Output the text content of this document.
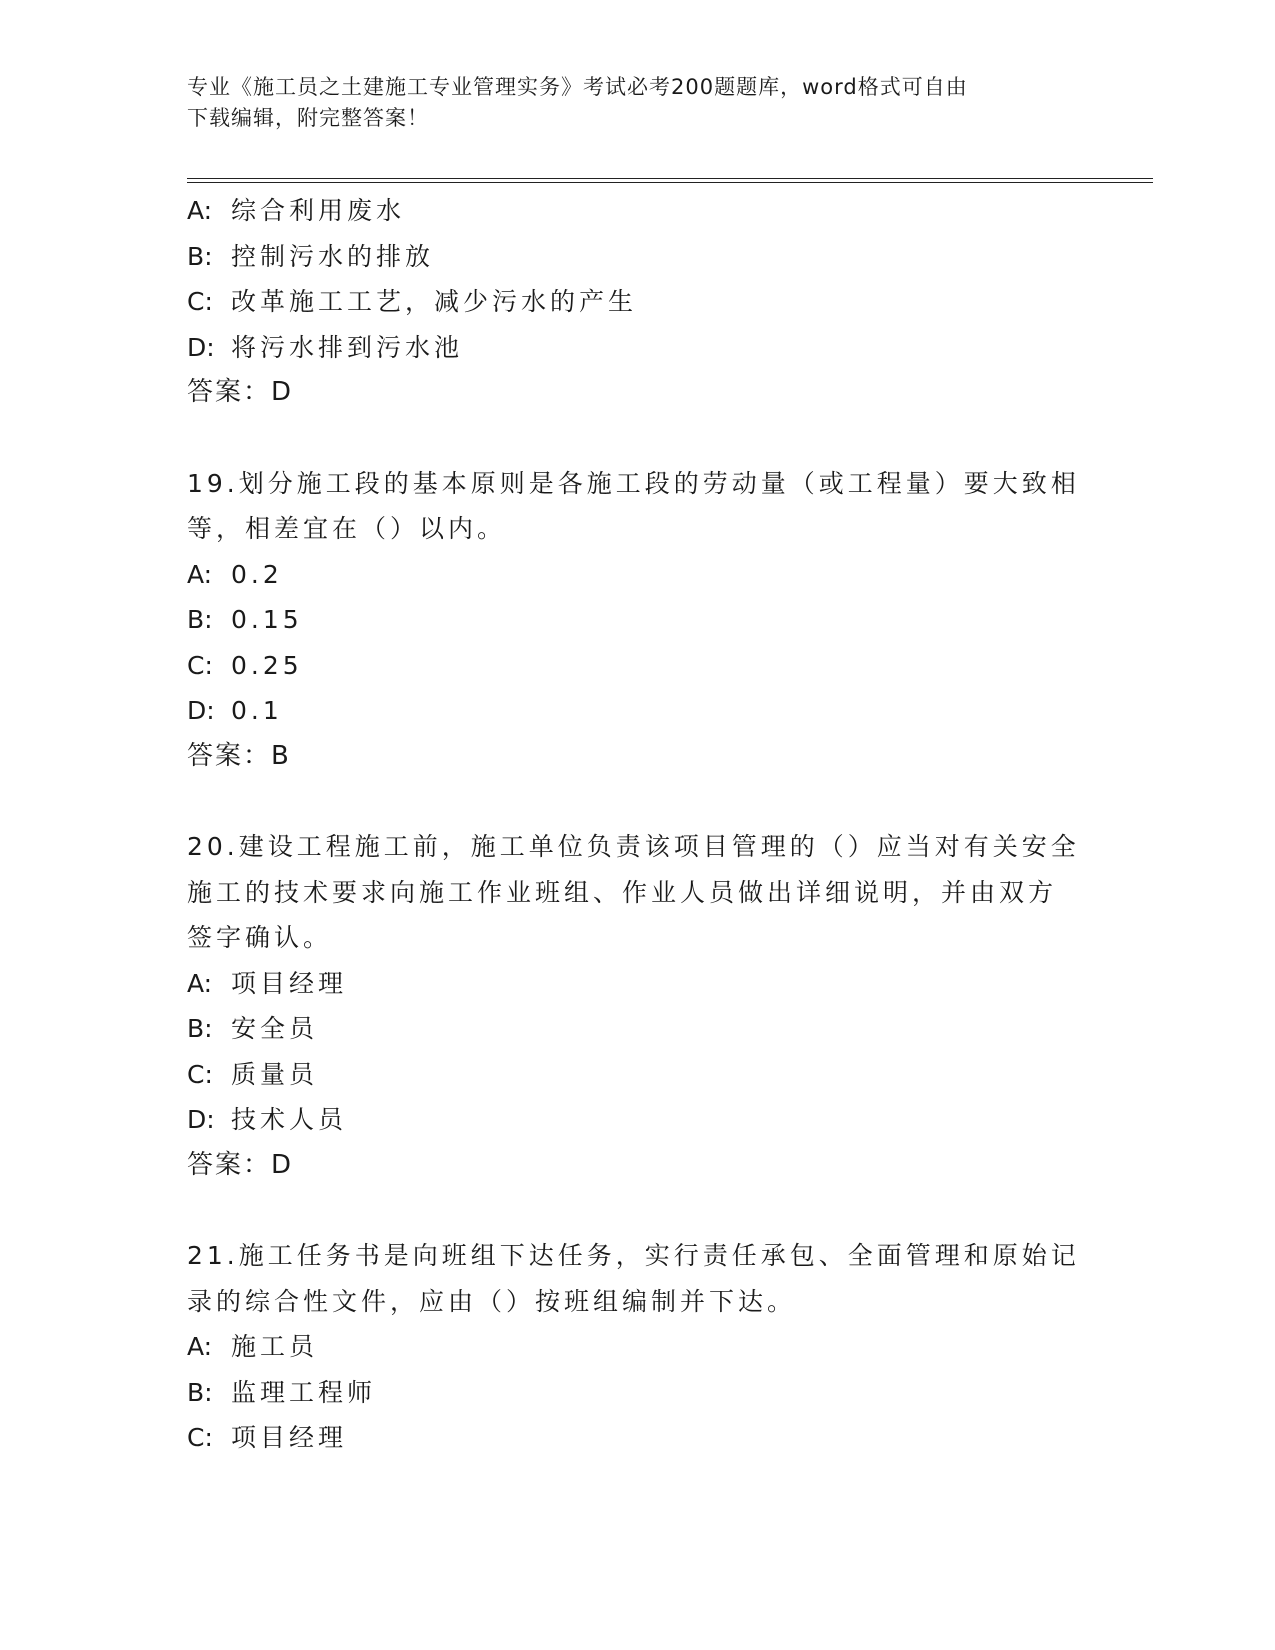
专业《施工员之土建施工专业管理实务》考试必考200题题库，word格式可自由
下载编辑，附完整答案！
A: 综合利用废水
B: 控制污水的排放
C: 改革施工工艺，减少污水的产生
D: 将污水排到污水池
答案：D
19.划分施工段的基本原则是各施工段的劳动量（或工程量）要大致相
等，相差宜在（）以内。
A: 0.2
B: 0.15
C: 0.25
D: 0.1
答案：B
20.建设工程施工前，施工单位负责该项目管理的（）应当对有关安全
施工的技术要求向施工作业班组、作业人员做出详细说明，并由双方
签字确认。
A: 项目经理
B: 安全员
C: 质量员
D: 技术人员
答案：D
21.施工任务书是向班组下达任务，实行责任承包、全面管理和原始记
录的综合性文件，应由（）按班组编制并下达。
A: 施工员
B: 监理工程师
C: 项目经理
